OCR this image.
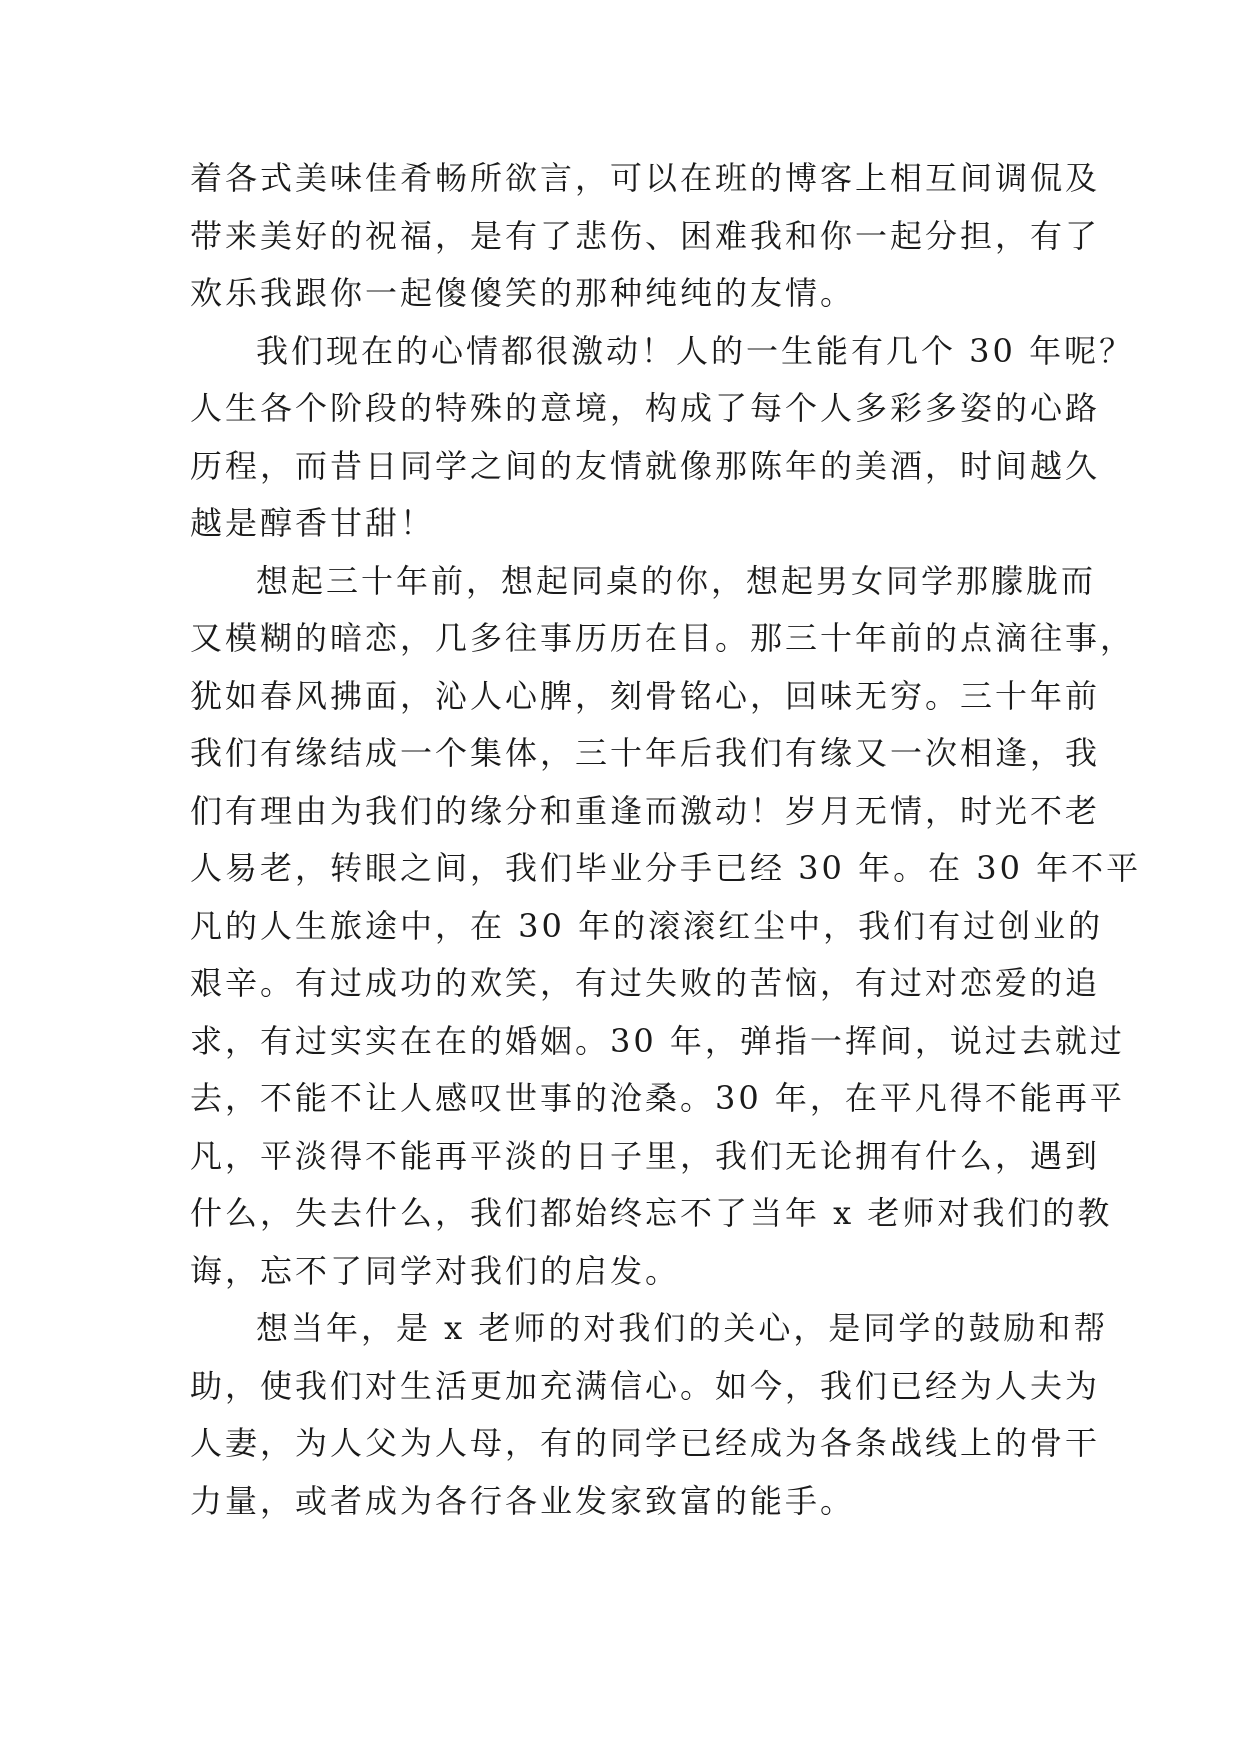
着各式美味佳肴畅所欲言，可以在班的博客上相互间调侃及
带来美好的祝福，是有了悲伤、困难我和你一起分担，有了
欢乐我跟你一起傻傻笑的那种纯纯的友情。
我们现在的心情都很激动！人的一生能有几个 30 年呢？
人生各个阶段的特殊的意境，构成了每个人多彩多姿的心路
历程，而昔日同学之间的友情就像那陈年的美酒，时间越久
越是醇香甘甜！
想起三十年前，想起同桌的你，想起男女同学那朦胧而
又模糊的暗恋，几多往事历历在目。那三十年前的点滴往事，
犹如春风拂面，沁人心脾，刻骨铭心，回味无穷。三十年前
我们有缘结成一个集体，三十年后我们有缘又一次相逢，我
们有理由为我们的缘分和重逢而激动！岁月无情，时光不老
人易老，转眼之间，我们毕业分手已经 30 年。在 30 年不平
凡的人生旅途中，在 30 年的滚滚红尘中，我们有过创业的
艰辛。有过成功的欢笑，有过失败的苦恼，有过对恋爱的追
求，有过实实在在的婚姻。30 年，弹指一挥间，说过去就过
去，不能不让人感叹世事的沧桑。30 年，在平凡得不能再平
凡，平淡得不能再平淡的日子里，我们无论拥有什么，遇到
什么，失去什么，我们都始终忘不了当年 x 老师对我们的教
诲，忘不了同学对我们的启发。
想当年，是 x 老师的对我们的关心，是同学的鼓励和帮
助，使我们对生活更加充满信心。如今，我们已经为人夫为
人妻，为人父为人母，有的同学已经成为各条战线上的骨干
力量，或者成为各行各业发家致富的能手。
